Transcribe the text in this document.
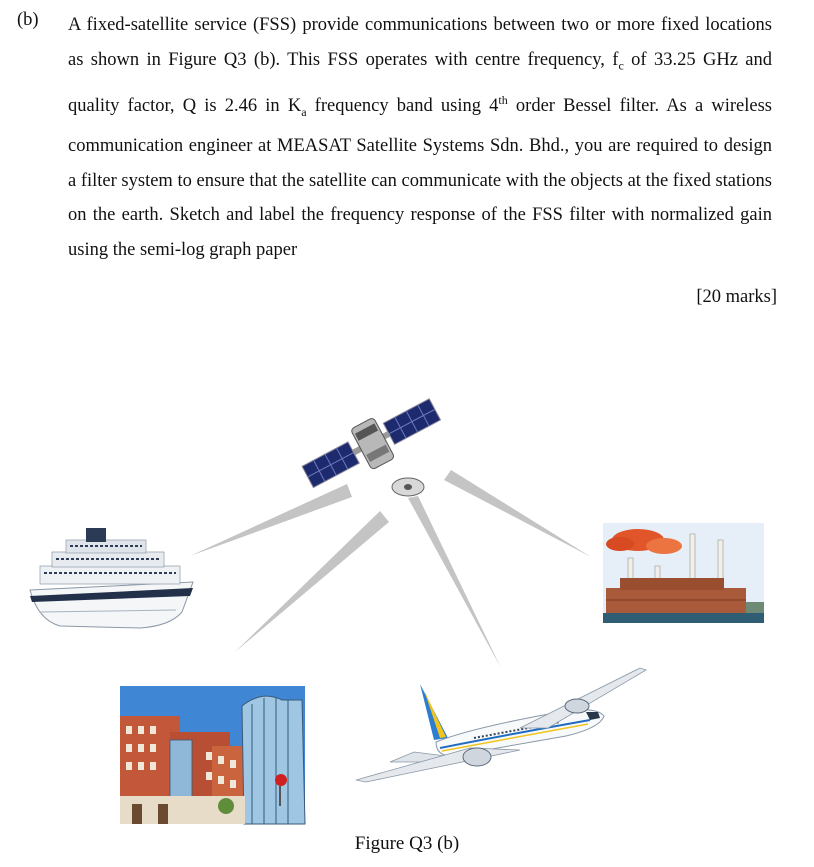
(b) A fixed-satellite service (FSS) provide communications between two or more fixed locations as shown in Figure Q3 (b). This FSS operates with centre frequency, $f_c$ of 33.25 GHz and quality factor, Q is 2.46 in $K_a$ frequency band using 4th order Bessel filter. As a wireless communication engineer at MEASAT Satellite Systems Sdn. Bhd., you are required to design a filter system to ensure that the satellite can communicate with the objects at the fixed stations on the earth. Sketch and label the frequency response of the FSS filter with normalized gain using the semi-log graph paper
[20 marks]
Figure Q3 (b)
